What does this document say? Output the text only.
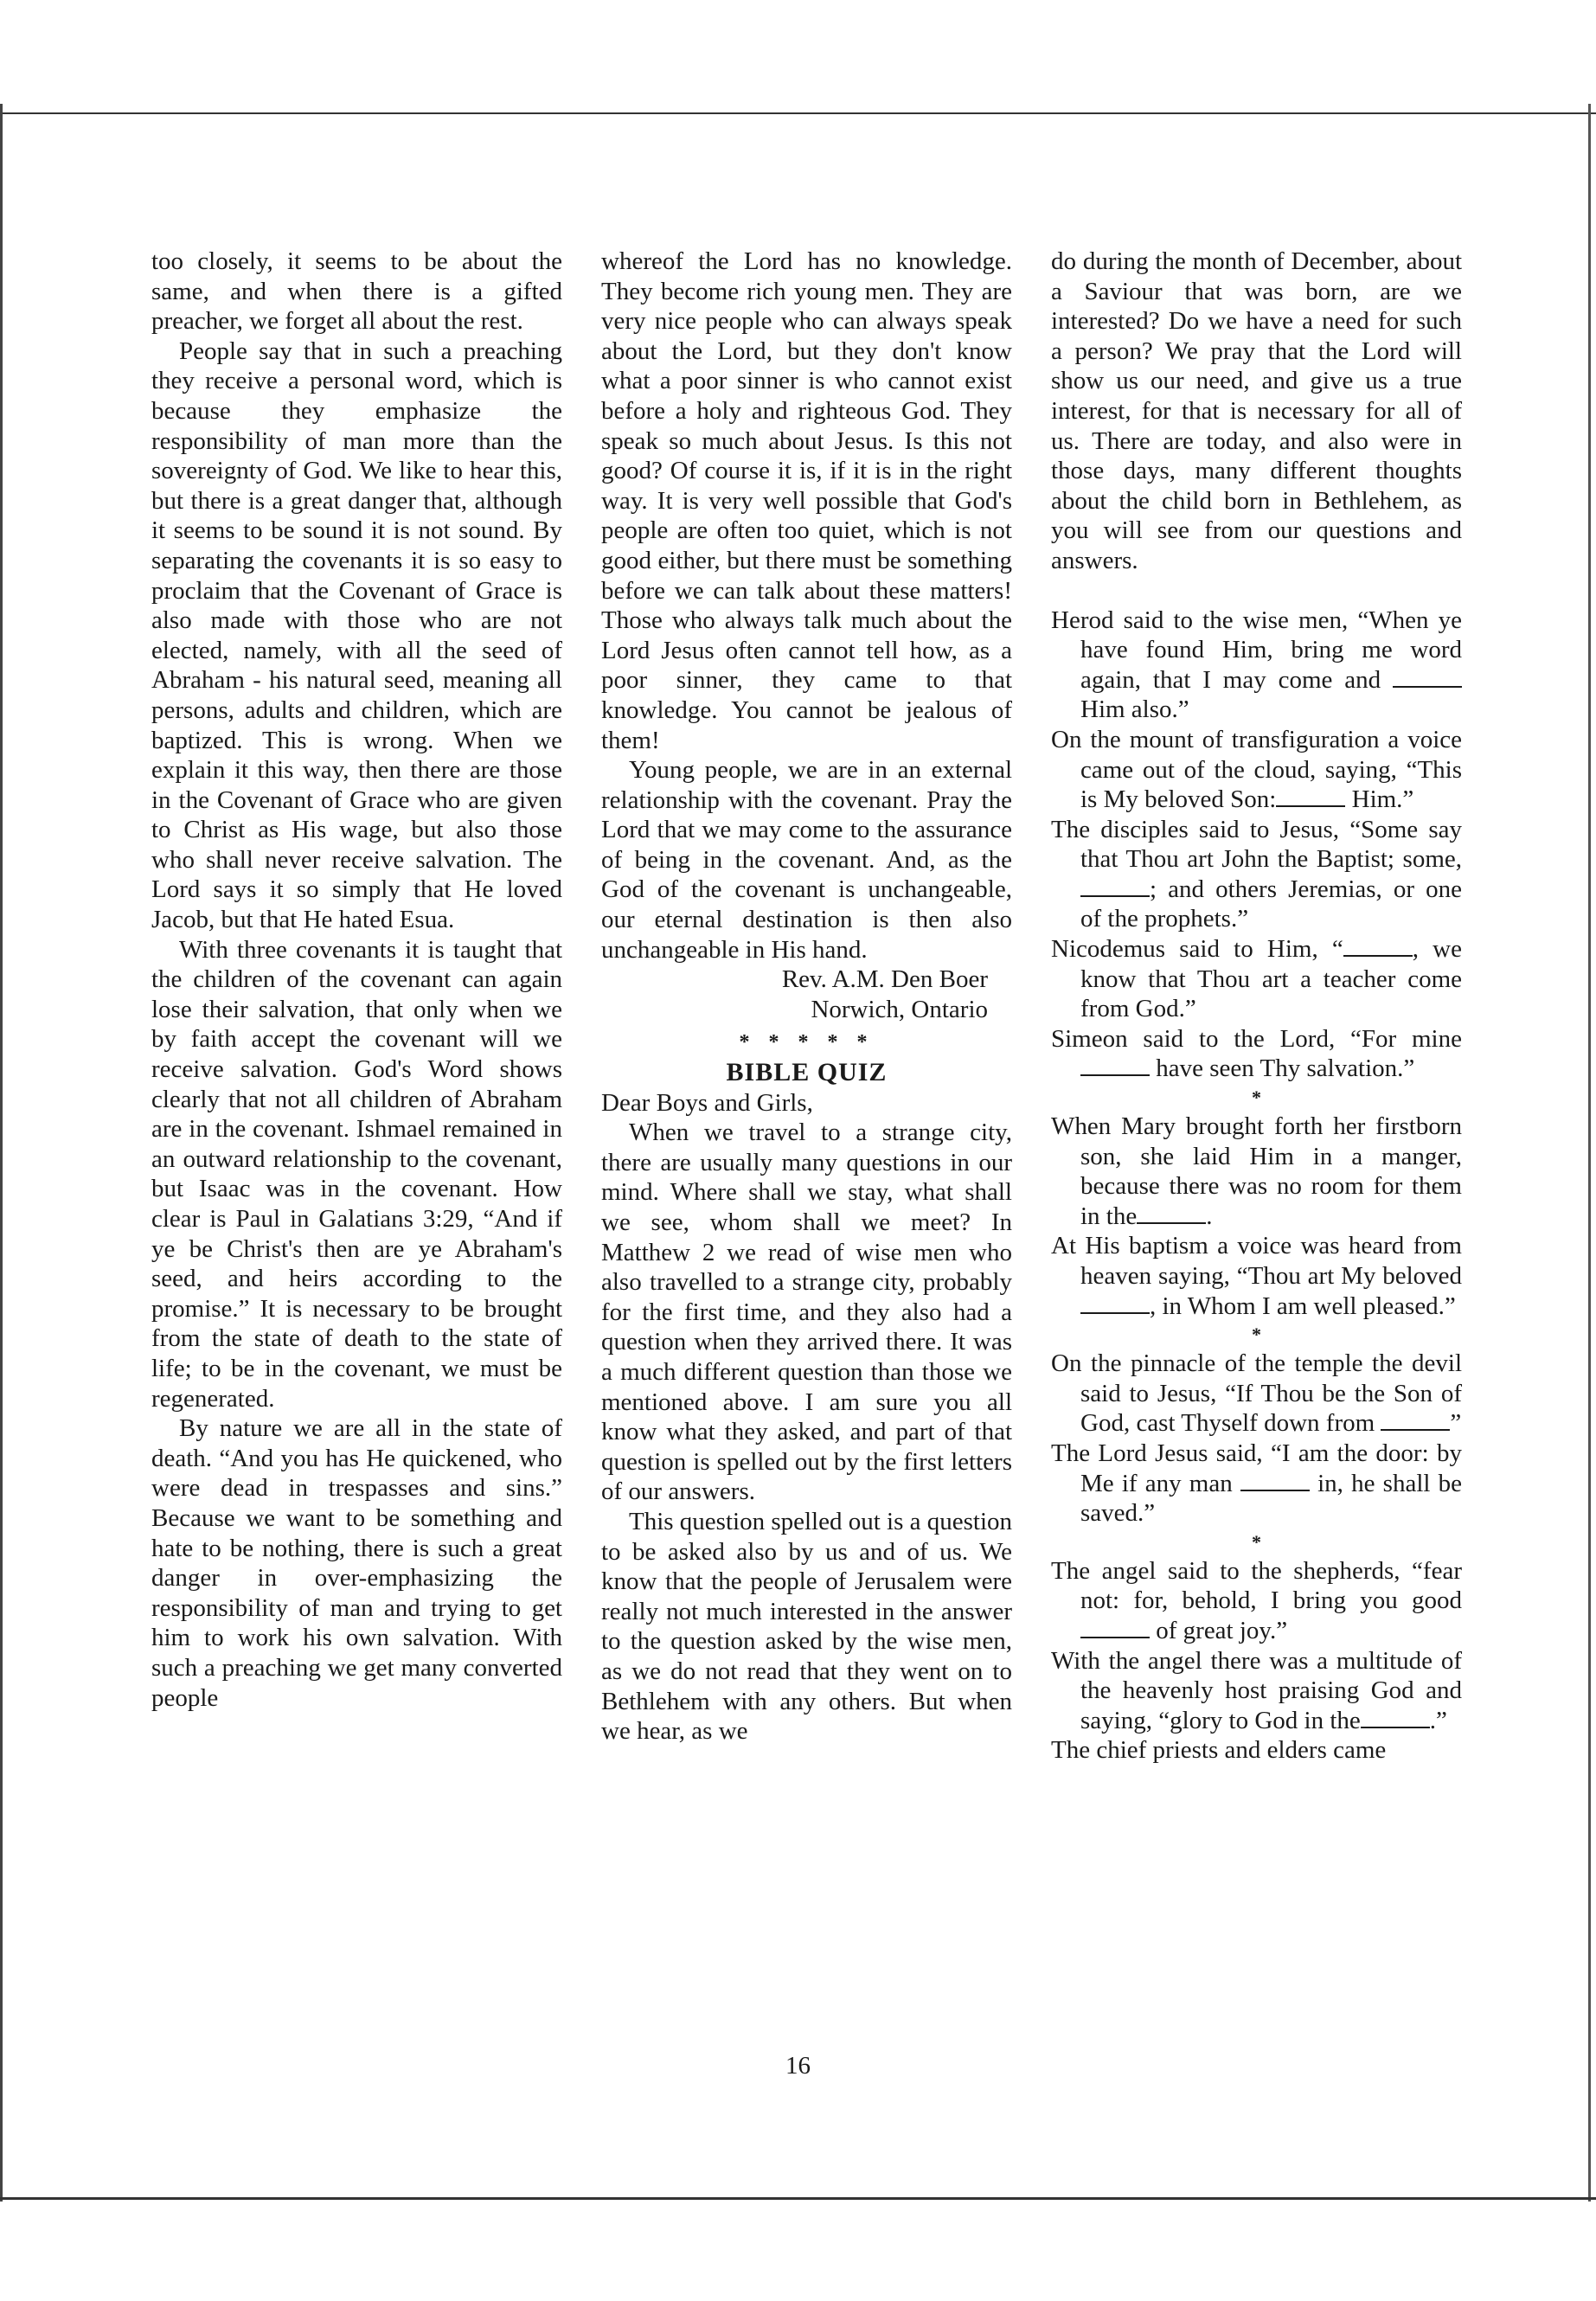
too closely, it seems to be about the same, and when there is a gifted preacher, we forget all about the rest.

People say that in such a preaching they receive a personal word, which is because they emphasize the responsibility of man more than the sovereignty of God. We like to hear this, but there is a great danger that, although it seems to be sound it is not sound. By separating the covenants it is so easy to proclaim that the Covenant of Grace is also made with those who are not elected, namely, with all the seed of Abraham - his natural seed, meaning all persons, adults and children, which are baptized. This is wrong. When we explain it this way, then there are those in the Covenant of Grace who are given to Christ as His wage, but also those who shall never receive salvation. The Lord says it so simply that He loved Jacob, but that He hated Esua.

With three covenants it is taught that the children of the covenant can again lose their salvation, that only when we by faith accept the covenant will we receive salvation. God's Word shows clearly that not all children of Abraham are in the covenant. Ishmael remained in an outward relationship to the covenant, but Isaac was in the covenant. How clear is Paul in Galatians 3:29, “And if ye be Christ's then are ye Abraham's seed, and heirs according to the promise.” It is necessary to be brought from the state of death to the state of life; to be in the covenant, we must be regenerated.

By nature we are all in the state of death. “And you has He quickened, who were dead in trespasses and sins.” Because we want to be something and hate to be nothing, there is such a great danger in over-emphasizing the responsibility of man and trying to get him to work his own salvation. With such a preaching we get many converted people

whereof the Lord has no knowledge. They become rich young men. They are very nice people who can always speak about the Lord, but they don't know what a poor sinner is who cannot exist before a holy and righteous God. They speak so much about Jesus. Is this not good? Of course it is, if it is in the right way. It is very well possible that God's people are often too quiet, which is not good either, but there must be something before we can talk about these matters! Those who always talk much about the Lord Jesus often cannot tell how, as a poor sinner, they came to that knowledge. You cannot be jealous of them!

Young people, we are in an external relationship with the covenant. Pray the Lord that we may come to the assurance of being in the covenant. And, as the God of the covenant is unchangeable, our eternal destination is then also unchangeable in His hand.

Rev. A.M. Den Boer

Norwich, Ontario

* * * * *
BIBLE QUIZ

Dear Boys and Girls,

When we travel to a strange city, there are usually many questions in our mind. Where shall we stay, what shall we see, whom shall we meet? In Matthew 2 we read of wise men who also travelled to a strange city, probably for the first time, and they also had a question when they arrived there. It was a much different question than those we mentioned above. I am sure you all know what they asked, and part of that question is spelled out by the first letters of our answers.

This question spelled out is a question to be asked also by us and of us. We know that the people of Jerusalem were really not much interested in the answer to the question asked by the wise men, as we do not read that they went on to Bethlehem with any others. But when we hear, as we

do during the month of December, about a Saviour that was born, are we interested? Do we have a need for such a person? We pray that the Lord will show us our need, and give us a true interest, for that is necessary for all of us. There are today, and also were in those days, many different thoughts about the child born in Bethlehem, as you will see from our questions and answers.

Herod said to the wise men, “When ye have found Him, bring me word again, that I may come and  Him also.”

On the mount of transfiguration a voice came out of the cloud, saying, “This is My beloved Son:	Him.”

The disciples said to Jesus, “Some say that Thou art John the Baptist; some, ; and others Jeremias, or one of the prophets.”

Nicodemus said to Him, “	, we know that Thou art a teacher come from God.”

Simeon said to the Lord, “For mine  have seen Thy salvation.”

*

When Mary brought forth her firstborn son, she laid Him in a manger, because there was no room for them in the	.

At His baptism a voice was heard from heaven saying, “Thou art My beloved , in Whom I am well pleased.”

*

On the pinnacle of the temple the devil said to Jesus, “If Thou be the Son of God, cast Thyself down from	”

The Lord Jesus said, “I am the door: by Me if any man	in, he shall be saved.”

*

The angel said to the shepherds, “fear not: for, behold, I bring you good  of great joy.”

With the angel there was a multitude of the heavenly host praising God and saying, “glory to God in the	.”

The chief priests and elders came

16
